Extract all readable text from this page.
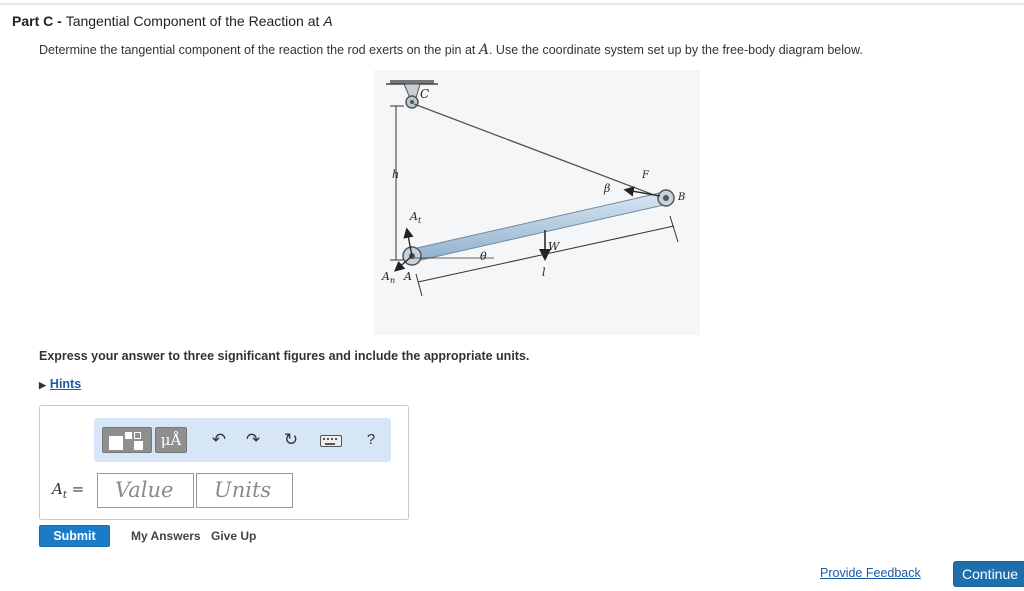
Part C - Tangential Component of the Reaction at A
Determine the tangential component of the reaction the rod exerts on the pin at A. Use the coordinate system set up by the free-body diagram below.
C
h
β
F
B
A t
A n A
θ
W
l
Express your answer to three significant figures and include the appropriate units.
▶ Hints
μÅ	↶ ↷ ↻	?
$A_t$ =	Value	Units
Submit	My Answers Give Up
Provide Feedback	Continue
